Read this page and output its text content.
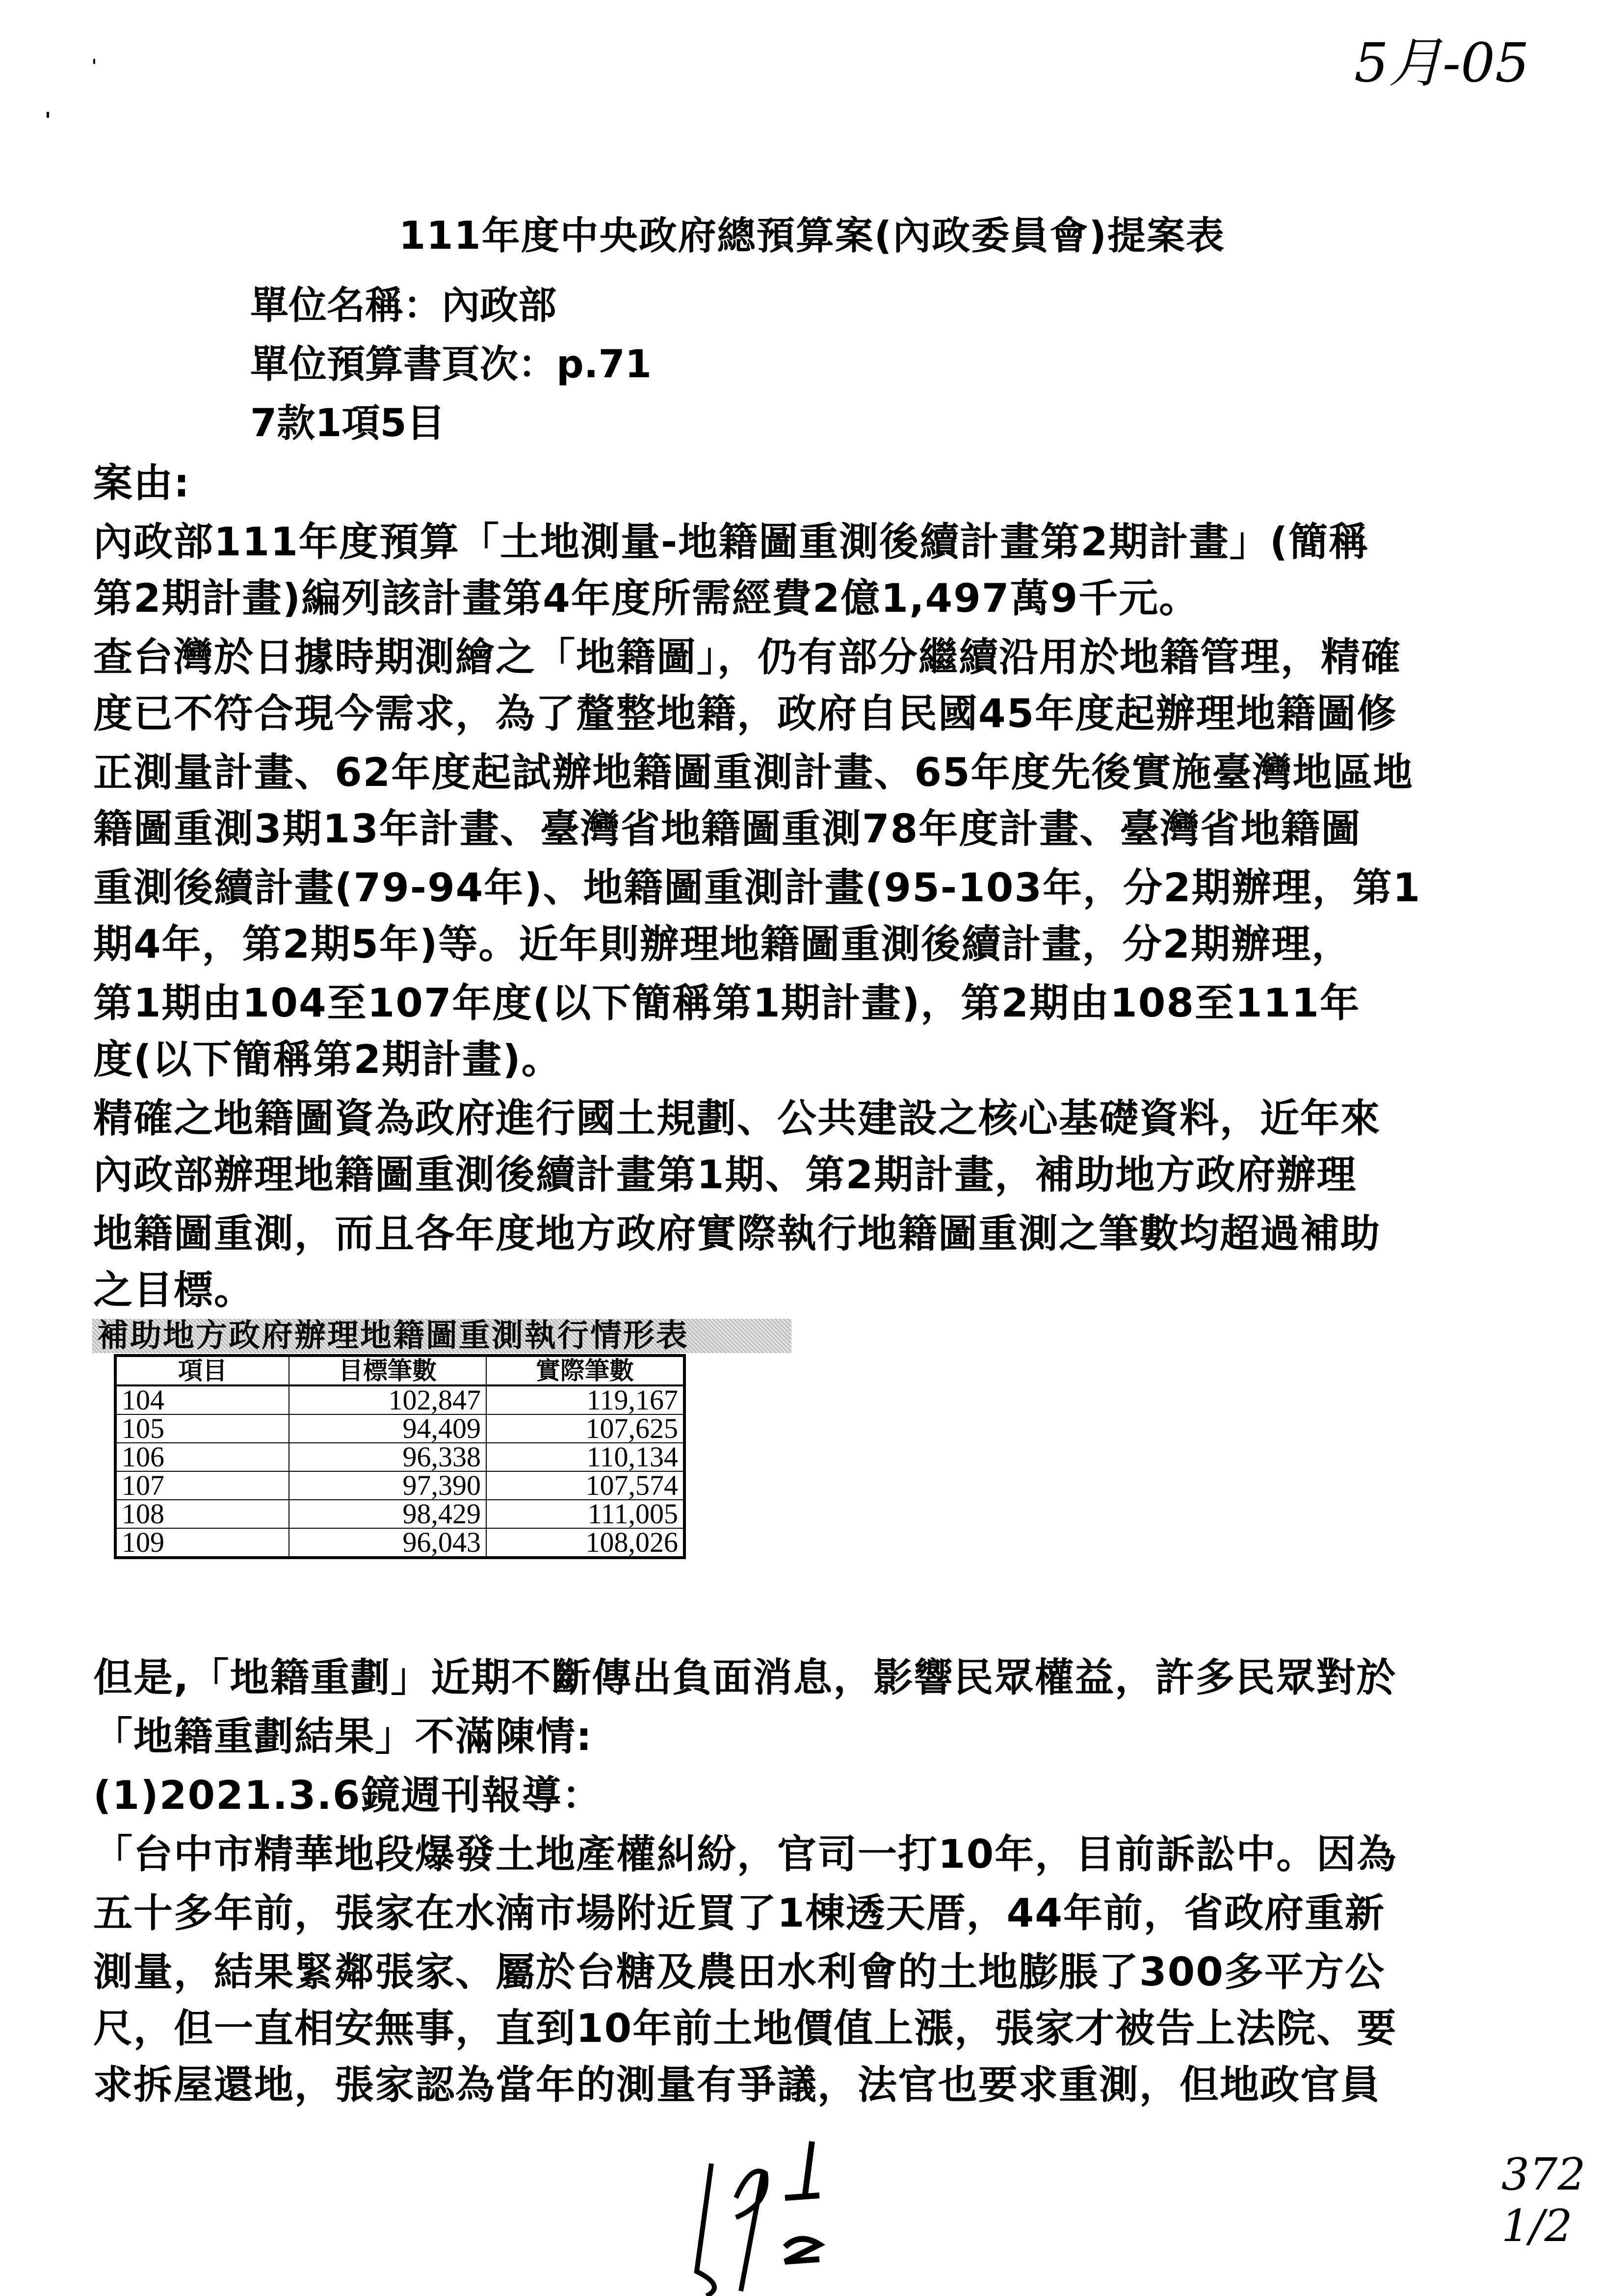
5月-05
111年度中央政府總預算案(內政委員會)提案表
單位名稱：內政部
單位預算書頁次：p.71
7款1項5目
案由:
內政部111年度預算「土地測量-地籍圖重測後續計畫第2期計畫」(簡稱
第2期計畫)編列該計畫第4年度所需經費2億1,497萬9千元。
查台灣於日據時期測繪之「地籍圖」，仍有部分繼續沿用於地籍管理，精確
度已不符合現今需求，為了釐整地籍，政府自民國45年度起辦理地籍圖修
正測量計畫、62年度起試辦地籍圖重測計畫、65年度先後實施臺灣地區地
籍圖重測3期13年計畫、臺灣省地籍圖重測78年度計畫、臺灣省地籍圖
重測後續計畫(79-94年)、地籍圖重測計畫(95-103年，分2期辦理，第1
期4年，第2期5年)等。近年則辦理地籍圖重測後續計畫，分2期辦理，
第1期由104至107年度(以下簡稱第1期計畫)，第2期由108至111年
度(以下簡稱第2期計畫)。
精確之地籍圖資為政府進行國土規劃、公共建設之核心基礎資料，近年來
內政部辦理地籍圖重測後續計畫第1期、第2期計畫，補助地方政府辦理
地籍圖重測，而且各年度地方政府實際執行地籍圖重測之筆數均超過補助
之目標。
補助地方政府辦理地籍圖重測執行情形表
項目	目標筆數	實際筆數
104	102,847	119,167
105	94,409	107,625
106	96,338	110,134
107	97,390	107,574
108	98,429	111,005
109	96,043	108,026
但是,「地籍重劃」近期不斷傳出負面消息，影響民眾權益，許多民眾對於
「地籍重劃結果」不滿陳情:
(1)2021.3.6鏡週刊報導：
「台中市精華地段爆發土地產權糾紛，官司一打10年，目前訴訟中。因為
五十多年前，張家在水湳市場附近買了1棟透天厝，44年前，省政府重新
測量，結果緊鄰張家、屬於台糖及農田水利會的土地膨脹了300多平方公
尺，但一直相安無事，直到10年前土地價值上漲，張家才被告上法院、要
求拆屋還地，張家認為當年的測量有爭議，法官也要求重測，但地政官員
372 1/2
